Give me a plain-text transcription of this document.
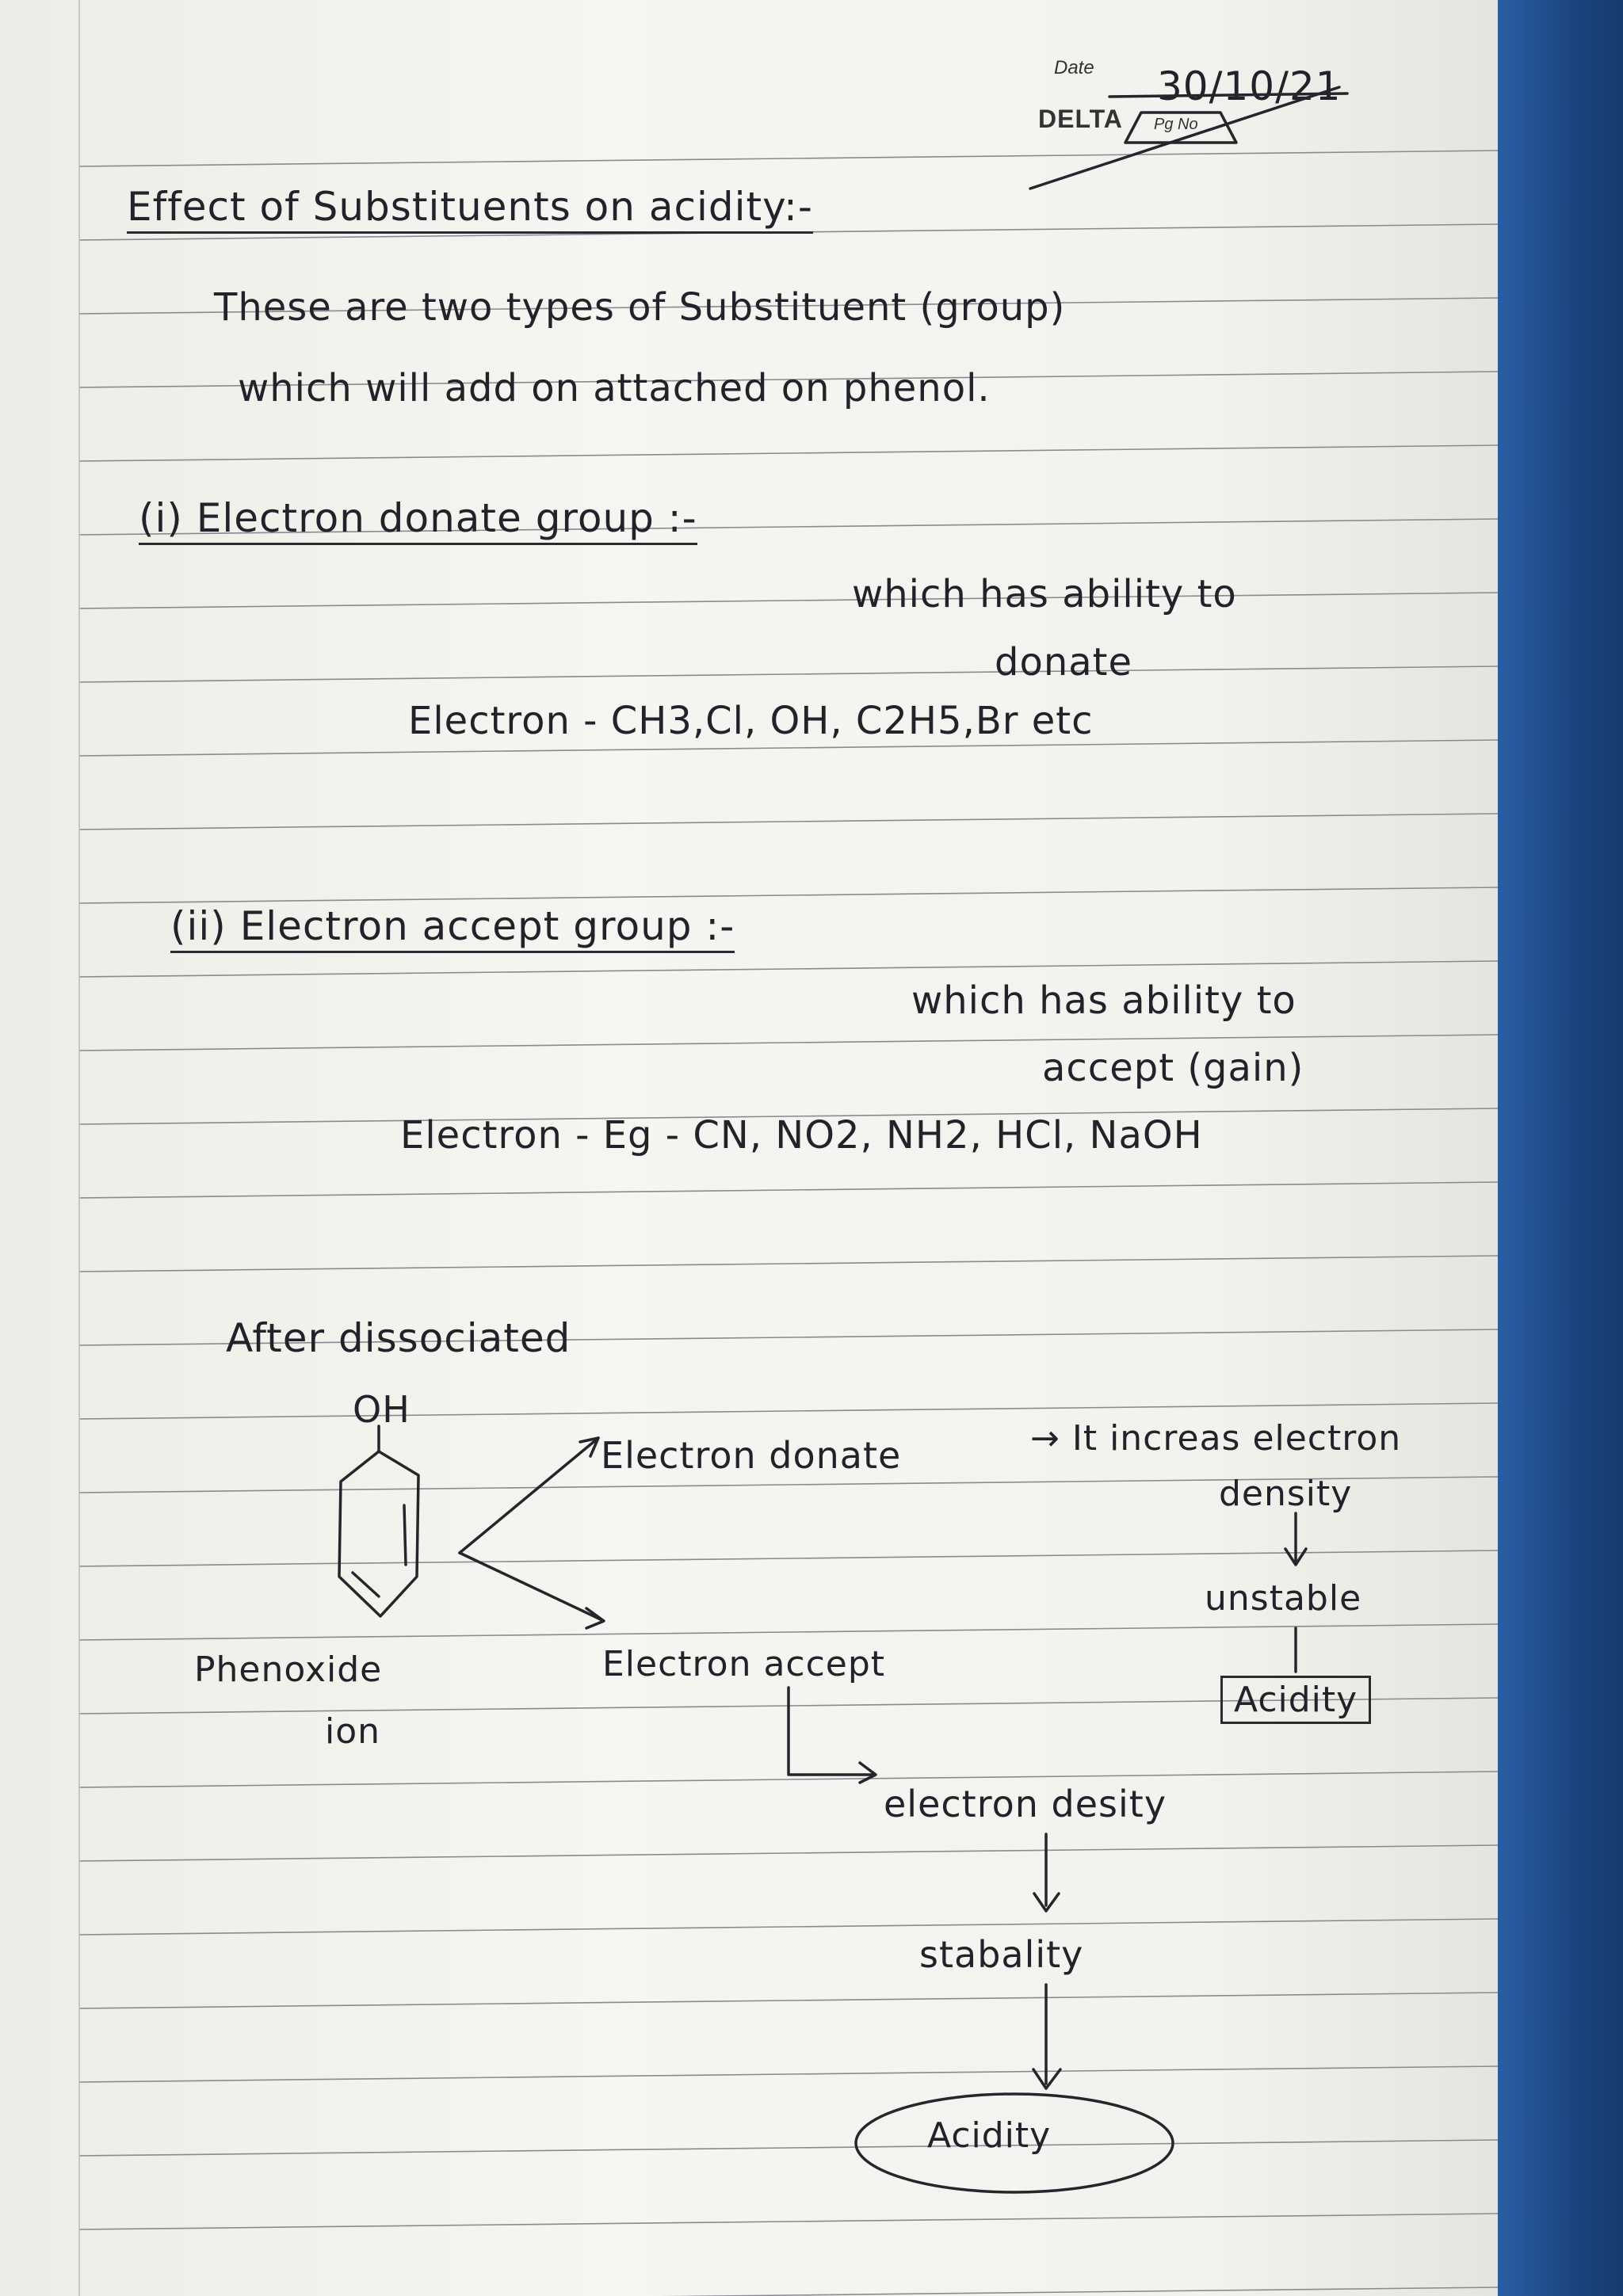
Date
DELTA Pg No
30/10/21
Effect of Substituents on acidity:-
These are two types of Substituent (group)
which will add on attached on phenol.
(i) Electron donate group :-
which has ability to
donate
Electron - CH3,Cl, OH, C2H5,Br etc
(ii) Electron accept group :-
which has ability to
accept (gain)
Electron - Eg - CN, NO2, NH2, HCl, NaOH
After dissociated
OH
Phenoxide
ion
Electron donate	→ It increas electron
density
unstable
Acidity
Electron accept
electron desity
stabality
Acidity
